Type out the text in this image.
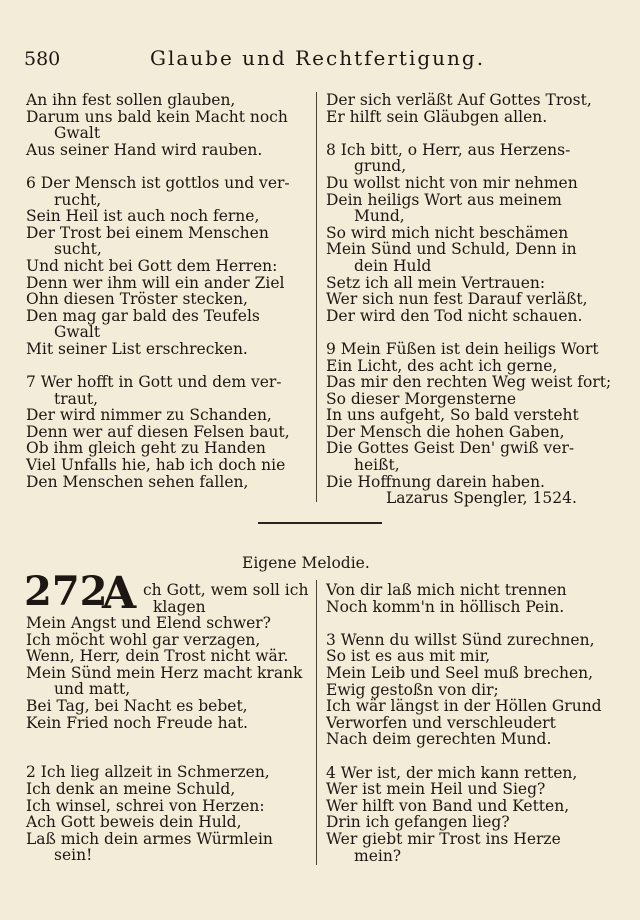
580	Glaube und Rechtfertigung.
An ihn fest sollen glauben,
Darum uns bald kein Macht noch
Gwalt
Aus seiner Hand wird rauben.
6 Der Mensch ist gottlos und ver-
rucht,
Sein Heil ist auch noch ferne,
Der Trost bei einem Menschen
sucht,
Und nicht bei Gott dem Herren:
Denn wer ihm will ein ander Ziel
Ohn diesen Tröster stecken,
Den mag gar bald des Teufels
Gwalt
Mit seiner List erschrecken.
7 Wer hofft in Gott und dem ver-
traut,
Der wird nimmer zu Schanden,
Denn wer auf diesen Felsen baut,
Ob ihm gleich geht zu Handen
Viel Unfalls hie, hab ich doch nie
Den Menschen sehen fallen,
Der sich verläßt Auf Gottes Trost,
Er hilft sein Gläubgen allen.
8 Ich bitt, o Herr, aus Herzens-
grund,
Du wollst nicht von mir nehmen
Dein heiligs Wort aus meinem
Mund,
So wird mich nicht beschämen
Mein Sünd und Schuld, Denn in
dein Huld
Setz ich all mein Vertrauen:
Wer sich nun fest Darauf verläßt,
Der wird den Tod nicht schauen.
9 Mein Füßen ist dein heiligs Wort
Ein Licht, des acht ich gerne,
Das mir den rechten Weg weist fort;
So dieser Morgensterne
In uns aufgeht, So bald versteht
Der Mensch die hohen Gaben,
Die Gottes Geist Den' gwiß ver-
heißt,
Die Hoffnung darein haben.
Lazarus Spengler, 1524.
Eigene Melodie.
272
A ch Gott, wem soll ich
klagen
Mein Angst und Elend schwer?
Ich möcht wohl gar verzagen,
Wenn, Herr, dein Trost nicht wär.
Mein Sünd mein Herz macht krank
und matt,
Bei Tag, bei Nacht es bebet,
Kein Fried noch Freude hat.
2 Ich lieg allzeit in Schmerzen,
Ich denk an meine Schuld,
Ich winsel, schrei von Herzen:
Ach Gott beweis dein Huld,
Laß mich dein armes Würmlein
sein!
Von dir laß mich nicht trennen
Noch komm'n in höllisch Pein.
3 Wenn du willst Sünd zurechnen,
So ist es aus mit mir,
Mein Leib und Seel muß brechen,
Ewig gestoßn von dir;
Ich wär längst in der Höllen Grund
Verworfen und verschleudert
Nach deim gerechten Mund.
4 Wer ist, der mich kann retten,
Wer ist mein Heil und Sieg?
Wer hilft von Band und Ketten,
Drin ich gefangen lieg?
Wer giebt mir Trost ins Herze
mein?
